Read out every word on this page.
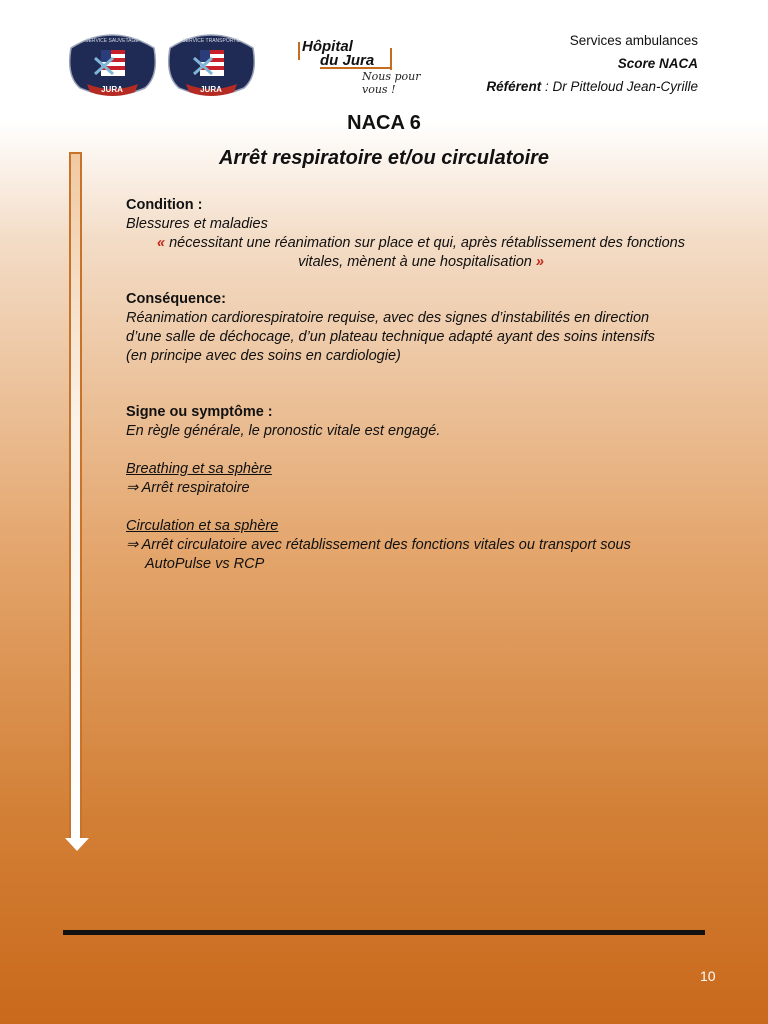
JURA
SERVICE SAUVETAGE
JURA
SERVICE TRANSPORTS	Hôpital
du Jura
Nous pour vous !
Services ambulances
Score NACA
Référent : Dr Pitteloud Jean-Cyrille
NACA 6
Arrêt respiratoire et/ou circulatoire
Condition :
Blessures et maladies
« nécessitant une réanimation sur place et qui, après rétablissement des fonctions
vitales, mènent à une hospitalisation »
Conséquence:
Réanimation cardiorespiratoire requise, avec des signes d’instabilités en direction
d’une salle de déchocage, d’un plateau technique adapté ayant des soins intensifs
(en principe avec des soins en cardiologie)
Signe ou symptôme :
En règle générale, le pronostic vitale est engagé.
Breathing et sa sphère
⇒ Arrêt respiratoire
Circulation et sa sphère
⇒ Arrêt circulatoire avec rétablissement des fonctions vitales ou transport sous
AutoPulse vs RCP
10
